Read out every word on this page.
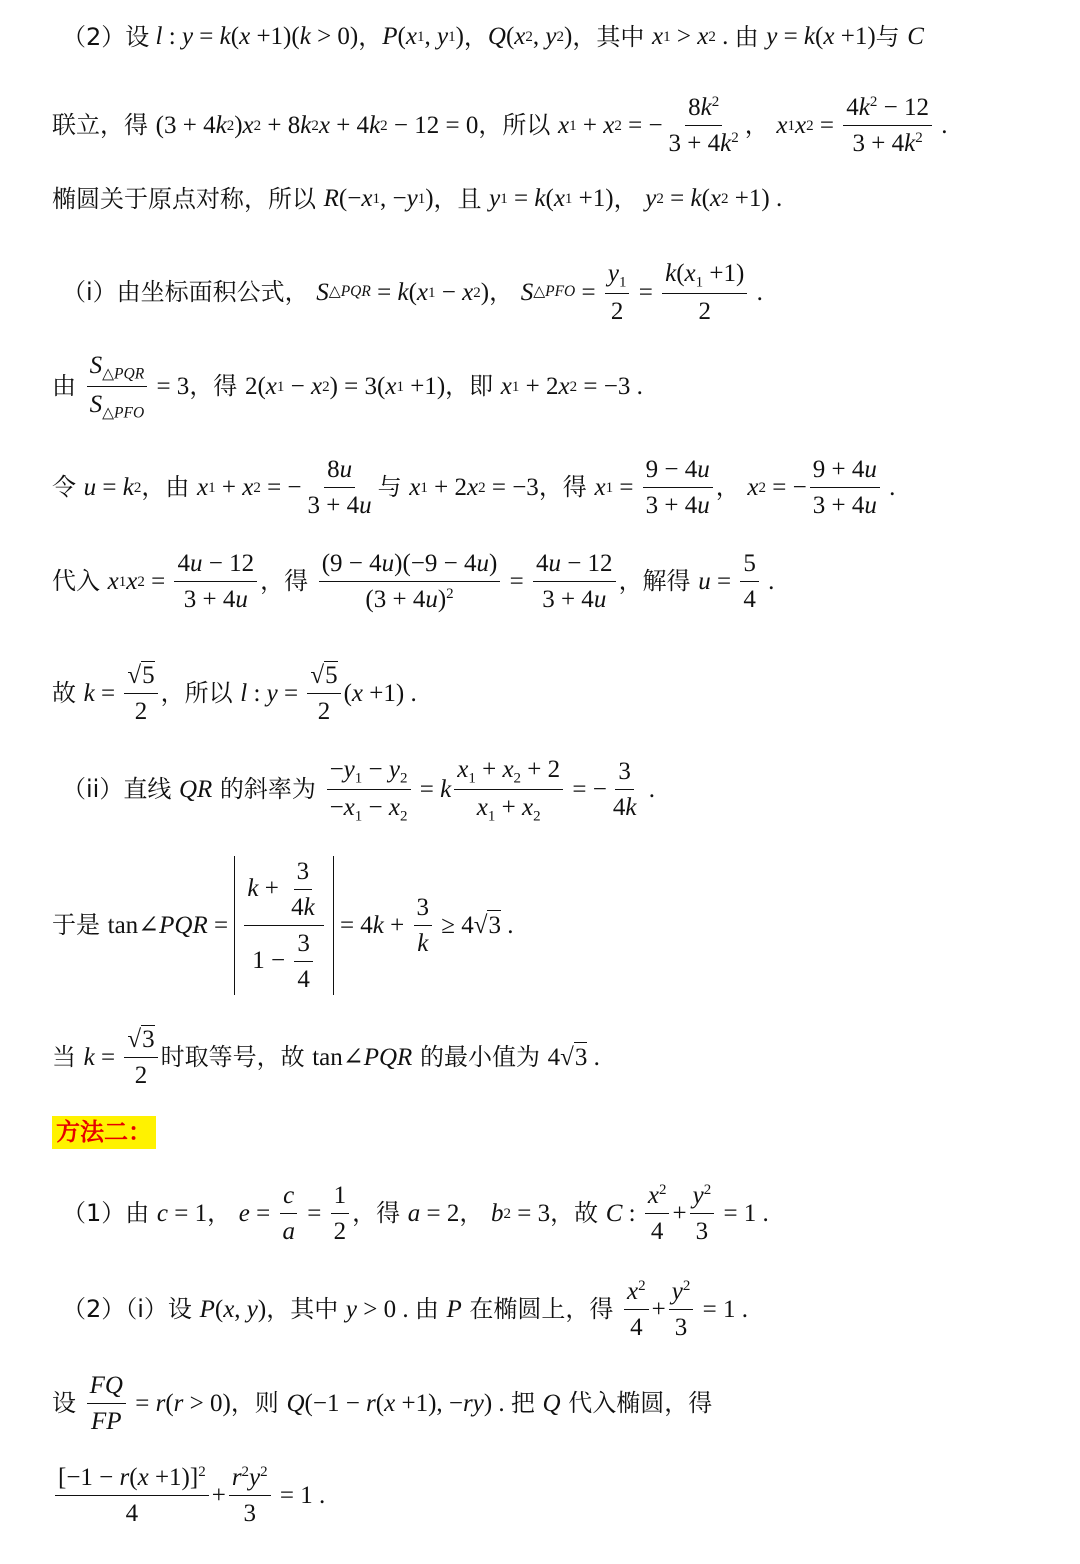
（2）设 l : y = k ( x +1)( k > 0) ， P ( x 1 , y 1 ) ， Q ( x 2 , y 2 ) ，其中 x 1 > x 2 . 由 y = k ( x +1) 与 C
联立，得 (3 + 4 k 2 ) x 2 + 8 k 2 x + 4 k 2 − 12 = 0 ，所以 x 1 + x 2 = − $\frac{8k^2}{3 + 4k^2}$ ， x 1 x $2 = \frac{4k^2 - 12}{3 + 4k^2}$ .
椭圆关于原点对称，所以 R (− x 1 , − y 1 ) ，且 y 1 = k ( x 1 +1) ， y 2 = k ( x 2 +1) .
（i）由坐标面积公式， S △PQR = k ( x 1 − x 2 ) ， S △PFO = $\frac{y_1}{2} = \frac{k(x_1 +1)}{2}$ .
由 $\frac{S_{\triangle PQR}}{S_{\triangle PFO}} = 3$ ，得 2( x 1 − x 2 ) = 3( x 1 +1) ，即 x 1 + 2 x 2 = −3 .
令 u = k 2 ，由 x 1 + x 2 = − $\frac{8u}{3 + 4u}$ 与 x 1 + 2 x 2 = −3 ，得 x $1 = \frac{9 - 4u}{3 + 4u}$ ， x 2 = − $\frac{9 + 4u}{3 + 4u}$ .
代入 x 1 x $2 = \frac{4u - 12}{3 + 4u}$ ，得 $\frac{(9 - 4u)(-9 - 4u)}{(3 + 4u)^2} = \frac{4u - 12}{3 + 4u}$ ，解得 $u = \frac{5}{4}$ .
故 $k = \frac{√5}{2}$ ，所以 l : $y = \frac{√5}{2}$ ( x +1) .
（ii）直线 QR 的斜率为 $\frac{-y_1 - y_2}{-x_1 - x_2} = k \frac{x_1 + x_2 + 2}{x_1 + x_2}$ = − $\frac{3}{4k}$ .
于是 tan∠ PQR = $\frac{k + \frac{3}{4k}}{1 - \frac{3}{4}} = 4$ $k + \frac{3}{k} \ge 4√$ 3 .
当 $k = \frac{√3}{2}$ 时取等号，故 tan∠ PQR 的最小值为 4√ 3 .
方法二：
（1）由 c = 1 ， $e = \frac{c}{a} = \frac{1}{2}$ ，得 a = 2 ， b 2 = 3 ，故 C : $\frac{x^2}{4} + \frac{y^2}{3} = 1$ .
（2）（i）设 P ( x , y ) ，其中 y > 0 . 由 P 在椭圆上，得 $\frac{x^2}{4} + \frac{y^2}{3} = 1$ .
设 $\frac{FQ}{FP} = r$ ( r > 0) ，则 Q (−1 − r ( x +1), − ry ) . 把 Q 代入椭圆，得
$\frac{[-1 - r(x +1)]^2}{4} + \frac{r^2y^2}{3} = 1$ .
